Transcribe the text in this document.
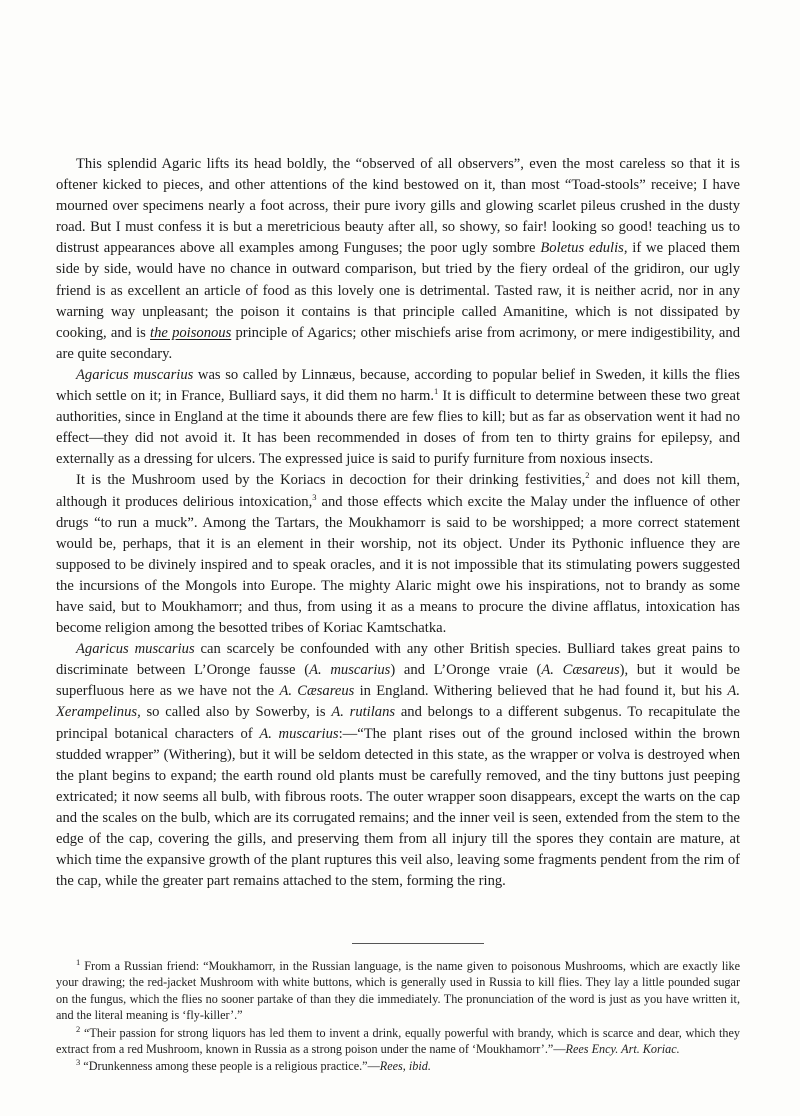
This splendid Agaric lifts its head boldly, the “observed of all observers”, even the most careless so that it is oftener kicked to pieces, and other attentions of the kind bestowed on it, than most “Toad-stools” receive; I have mourned over specimens nearly a foot across, their pure ivory gills and glowing scarlet pileus crushed in the dusty road. But I must confess it is but a meretricious beauty after all, so showy, so fair! looking so good! teaching us to distrust appearances above all examples among Funguses; the poor ugly sombre Boletus edulis, if we placed them side by side, would have no chance in outward comparison, but tried by the fiery ordeal of the gridiron, our ugly friend is as excellent an article of food as this lovely one is detrimental. Tasted raw, it is neither acrid, nor in any warning way unpleasant; the poison it contains is that principle called Amanitine, which is not dissipated by cooking, and is the poisonous principle of Agarics; other mischiefs arise from acrimony, or mere indigestibility, and are quite secondary.

Agaricus muscarius was so called by Linnæus, because, according to popular belief in Sweden, it kills the flies which settle on it; in France, Bulliard says, it did them no harm.$^1$ It is difficult to determine between these two great authorities, since in England at the time it abounds there are few flies to kill; but as far as observation went it had no effect—they did not avoid it. It has been recommended in doses of from ten to thirty grains for epilepsy, and externally as a dressing for ulcers. The expressed juice is said to purify furniture from noxious insects.

It is the Mushroom used by the Koriacs in decoction for their drinking festivities,$^2$ and does not kill them, although it produces delirious intoxication,$^3$ and those effects which excite the Malay under the influence of other drugs “to run a muck”. Among the Tartars, the Moukhamorr is said to be worshipped; a more correct statement would be, perhaps, that it is an element in their worship, not its object. Under its Pythonic influence they are supposed to be divinely inspired and to speak oracles, and it is not impossible that its stimulating powers suggested the incursions of the Mongols into Europe. The mighty Alaric might owe his inspirations, not to brandy as some have said, but to Moukhamorr; and thus, from using it as a means to procure the divine afflatus, intoxication has become religion among the besotted tribes of Koriac Kamtschatka.

Agaricus muscarius can scarcely be confounded with any other British species. Bulliard takes great pains to discriminate between L’Oronge fausse (A. muscarius) and L’Oronge vraie (A. Cæsareus), but it would be superfluous here as we have not the A. Cæsareus in England. Withering believed that he had found it, but his A. Xerampelinus, so called also by Sowerby, is A. rutilans and belongs to a different subgenus. To recapitulate the principal botanical characters of A. muscarius:—“The plant rises out of the ground inclosed within the brown studded wrapper” (Withering), but it will be seldom detected in this state, as the wrapper or volva is destroyed when the plant begins to expand; the earth round old plants must be carefully removed, and the tiny buttons just peeping extricated; it now seems all bulb, with fibrous roots. The outer wrapper soon disappears, except the warts on the cap and the scales on the bulb, which are its corrugated remains; and the inner veil is seen, extended from the stem to the edge of the cap, covering the gills, and preserving them from all injury till the spores they contain are mature, at which time the expansive growth of the plant ruptures this veil also, leaving some fragments pendent from the rim of the cap, while the greater part remains attached to the stem, forming the ring.

$^1$ From a Russian friend: “Moukhamorr, in the Russian language, is the name given to poisonous Mushrooms, which are exactly like your drawing; the red-jacket Mushroom with white buttons, which is generally used in Russia to kill flies. They lay a little pounded sugar on the fungus, which the flies no sooner partake of than they die immediately. The pronunciation of the word is just as you have written it, and the literal meaning is ‘fly-killer’.”

$^2$ “Their passion for strong liquors has led them to invent a drink, equally powerful with brandy, which is scarce and dear, which they extract from a red Mushroom, known in Russia as a strong poison under the name of ‘Moukhamorr’.”—Rees Ency. Art. Koriac.

$^3$ “Drunkenness among these people is a religious practice.”—Rees, ibid.
